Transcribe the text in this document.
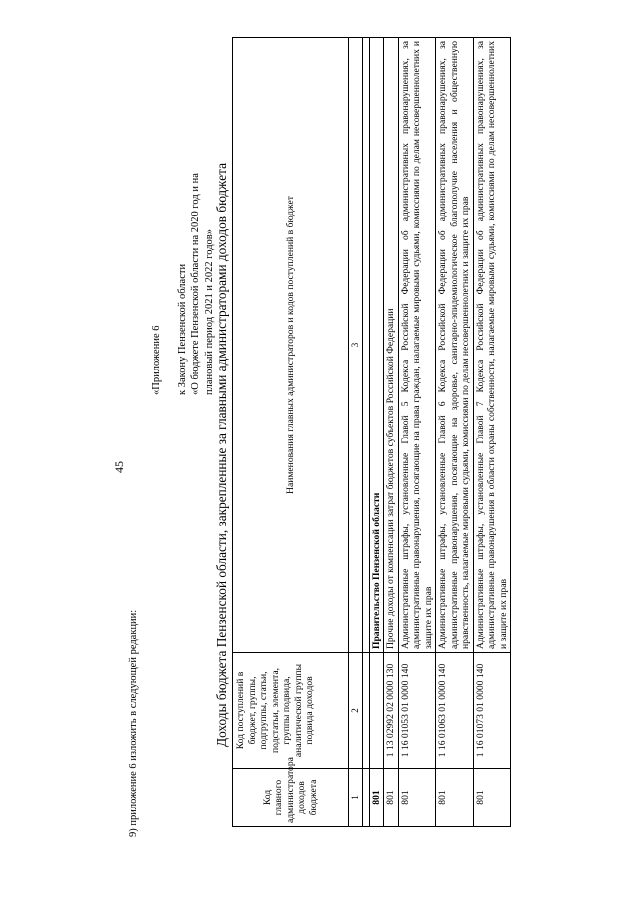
45
9) приложение 6 изложить в следующей редакции:
«Приложение 6 к Закону Пензенской области «О бюджете Пензенской области на 2020 год и на плановый период 2021 и 2022 годов» Доходы бюджета Пензенской области, закрепленные за главными администраторами доходов бюджета
Код главного администратора доходов бюджета	Код поступлений в бюджет, группы, подгруппы, статьи, подстатьи, элемента, группы подвида, аналитической группы подвида доходов	Наименования главных администраторов и кодов поступлений в бюджет
1	2	3

801		Правительство Пензенской области
801	1 13 02992 02 0000 130	Прочие доходы от компенсации затрат бюджетов субъектов Российской Федерации
801	1 16 01053 01 0000 140	Административные штрафы, установленные Главой 5 Кодекса Российской Федерации об административных правонарушениях, за административные правонарушения, посягающие на права граждан, налагаемые мировыми судьями, комиссиями по делам несовершеннолетних и защите их прав
801	1 16 01063 01 0000 140	Административные штрафы, установленные Главой 6 Кодекса Российской Федерации об административных правонарушениях, за административные правонарушения, посягающие на здоровье, санитарно-эпидемиологическое благополучие населения и общественную нравственность, налагаемые мировыми судьями, комиссиями по делам несовершеннолетних и защите их прав
801	1 16 01073 01 0000 140	Административные штрафы, установленные Главой 7 Кодекса Российской Федерации об административных правонарушениях, за административные правонарушения в области охраны собственности, налагаемые мировыми судьями, комиссиями по делам несовершеннолетних и защите их прав
